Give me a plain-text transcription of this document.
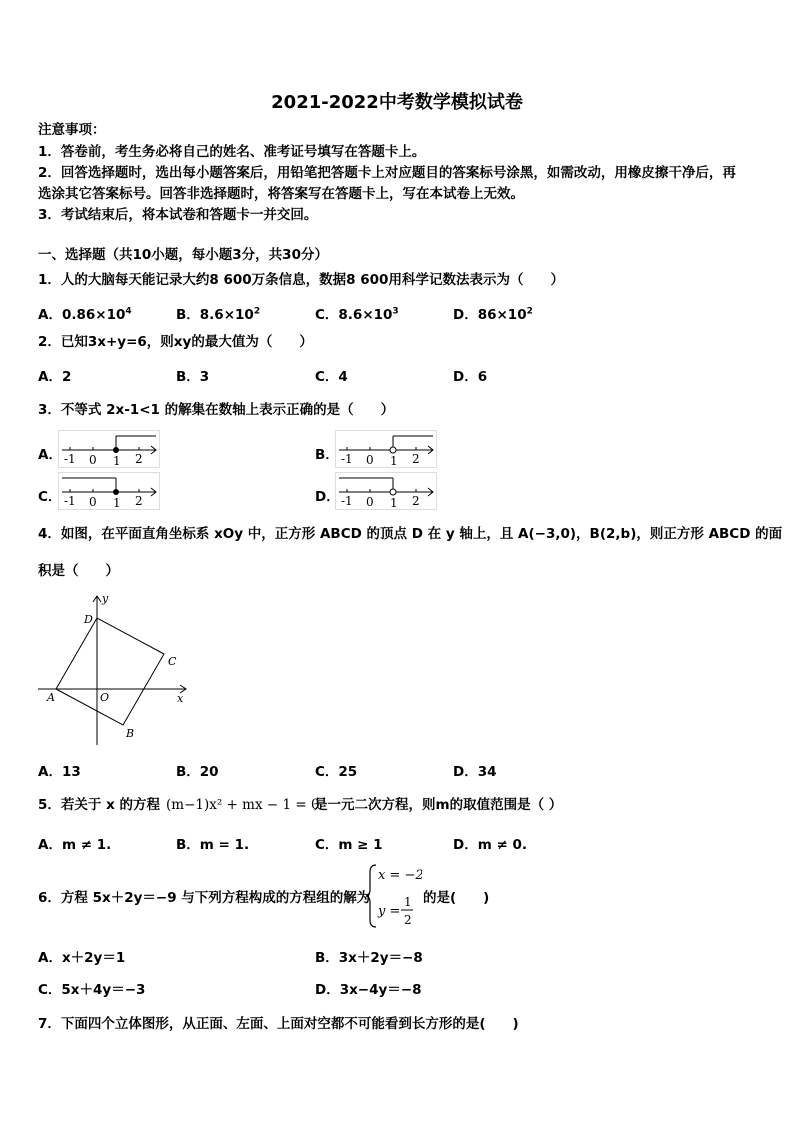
2021-2022中考数学模拟试卷
注意事项：
1．答卷前，考生务必将自己的姓名、准考证号填写在答题卡上。
2．回答选择题时，选出每小题答案后，用铅笔把答题卡上对应题目的答案标号涂黑，如需改动，用橡皮擦干净后，再
选涂其它答案标号。回答非选择题时，将答案写在答题卡上，写在本试卷上无效。
3．考试结束后，将本试卷和答题卡一并交回。
一、选择题（共10小题，每小题3分，共30分）
1．人的大脑每天能记录大约8 600万条信息，数据8 600用科学记数法表示为（　　）
A．$0.86\times 10^4$	B．$8.6\times 10^2$	C．$8.6\times 10^3$	D．$86\times 10^2$
2．已知3x+y=6，则xy的最大值为（　　）
A．2	B．3	C．4	D．6
3．不等式 2x-1<1 的解集在数轴上表示正确的是（　　）
A． -1 0 1 2	B． -1 0 1 2
C． -1 0 1 2	D． -1 0 1 2
4．如图，在平面直角坐标系 xOy 中，正方形 ABCD 的顶点 D 在 y 轴上，且 A(−3,0)，B(2,b)，则正方形 ABCD 的面
积是（　　）
y
x
O
A
B
C
D
A．13	B．20	C．25	D．34
5．若关于 x 的方程 (m−1)x² + mx − 1 = 0
是一元二次方程，则m的取值范围是（ ）
A．m ≠ 1.	B．m = 1.	C．m ≥ 1	D．m ≠ 0.
6．方程 5x＋2y＝−9 与下列方程构成的方程组的解为
x = −2
y =
1
2
的是(　　)
A．x＋2y＝1	B．3x＋2y＝−8
C．5x＋4y＝−3	D．3x−4y＝−8
7．下面四个立体图形，从正面、左面、上面对空都不可能看到长方形的是(　　)
